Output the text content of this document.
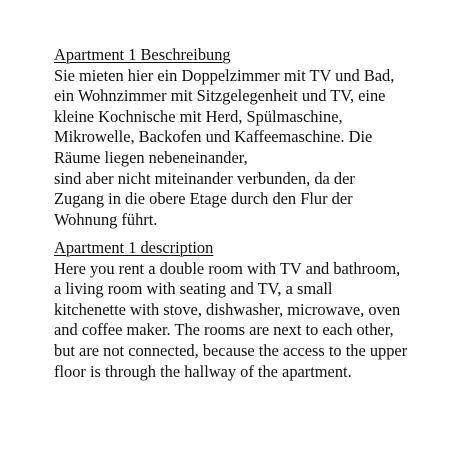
Apartment 1 Beschreibung
Sie mieten hier ein Doppelzimmer mit TV und Bad,
ein Wohnzimmer mit Sitzgelegenheit und TV, eine
kleine Kochnische mit Herd, Spülmaschine,
Mikrowelle, Backofen und Kaffeemaschine. Die
Räume liegen nebeneinander,
sind aber nicht miteinander verbunden, da der
Zugang in die obere Etage durch den Flur der
Wohnung führt.
Apartment 1 description
Here you rent a double room with TV and bathroom,
a living room with seating and TV, a small
kitchenette with stove, dishwasher, microwave, oven
and coffee maker. The rooms are next to each other,
but are not connected, because the access to the upper
floor is through the hallway of the apartment.
